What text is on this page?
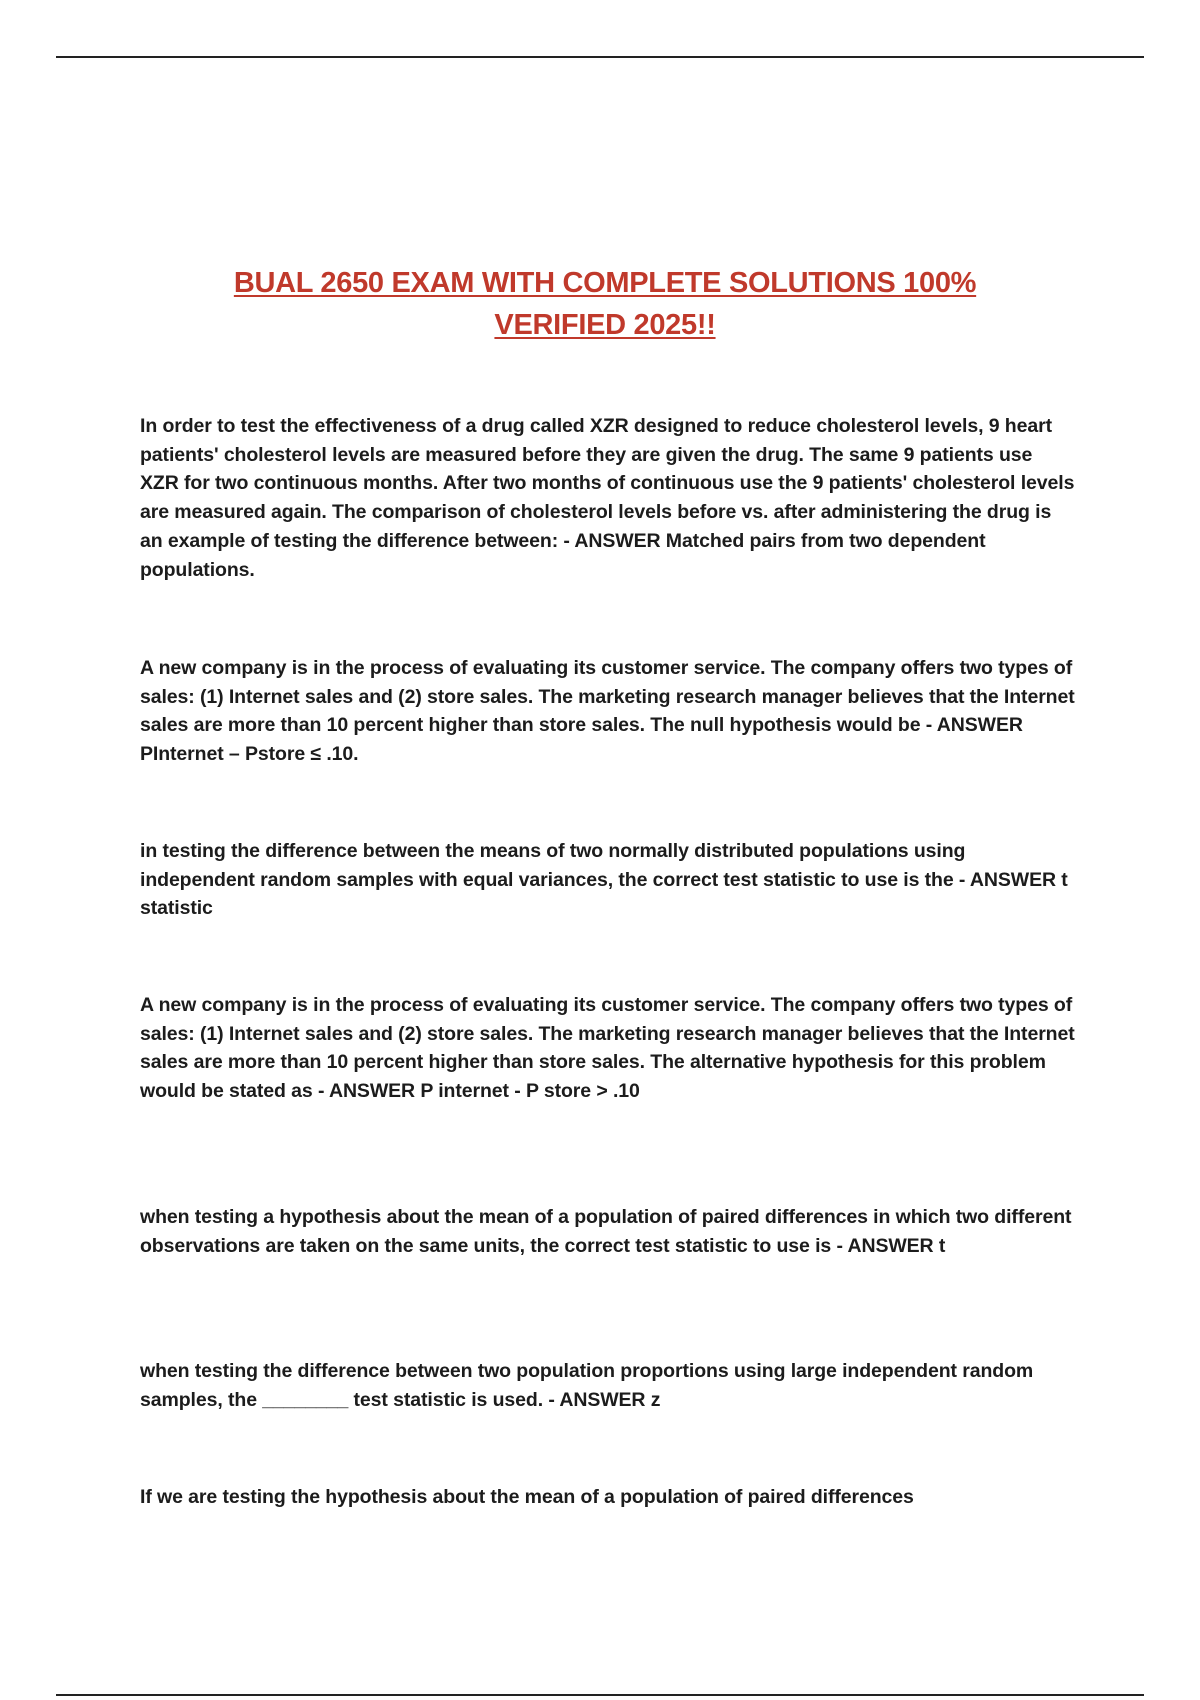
BUAL 2650 EXAM WITH COMPLETE SOLUTIONS 100%
VERIFIED 2025!!
In order to test the effectiveness of a drug called XZR designed to reduce cholesterol levels, 9 heart patients' cholesterol levels are measured before they are given the drug. The same 9 patients use XZR for two continuous months. After two months of continuous use the 9 patients' cholesterol levels are measured again. The comparison of cholesterol levels before vs. after administering the drug is an example of testing the difference between: - ANSWER Matched pairs from two dependent populations.
A new company is in the process of evaluating its customer service. The company offers two types of sales: (1) Internet sales and (2) store sales. The marketing research manager believes that the Internet sales are more than 10 percent higher than store sales. The null hypothesis would be - ANSWER PInternet – Pstore ≤ .10.
in testing the difference between the means of two normally distributed populations using independent random samples with equal variances, the correct test statistic to use is the - ANSWER t statistic
A new company is in the process of evaluating its customer service. The company offers two types of sales: (1) Internet sales and (2) store sales. The marketing research manager believes that the Internet sales are more than 10 percent higher than store sales. The alternative hypothesis for this problem would be stated as - ANSWER P internet - P store > .10
when testing a hypothesis about the mean of a population of paired differences in which two different observations are taken on the same units, the correct test statistic to use is - ANSWER t
when testing the difference between two population proportions using large independent random samples, the ________ test statistic is used. - ANSWER z
If we are testing the hypothesis about the mean of a population of paired differences
